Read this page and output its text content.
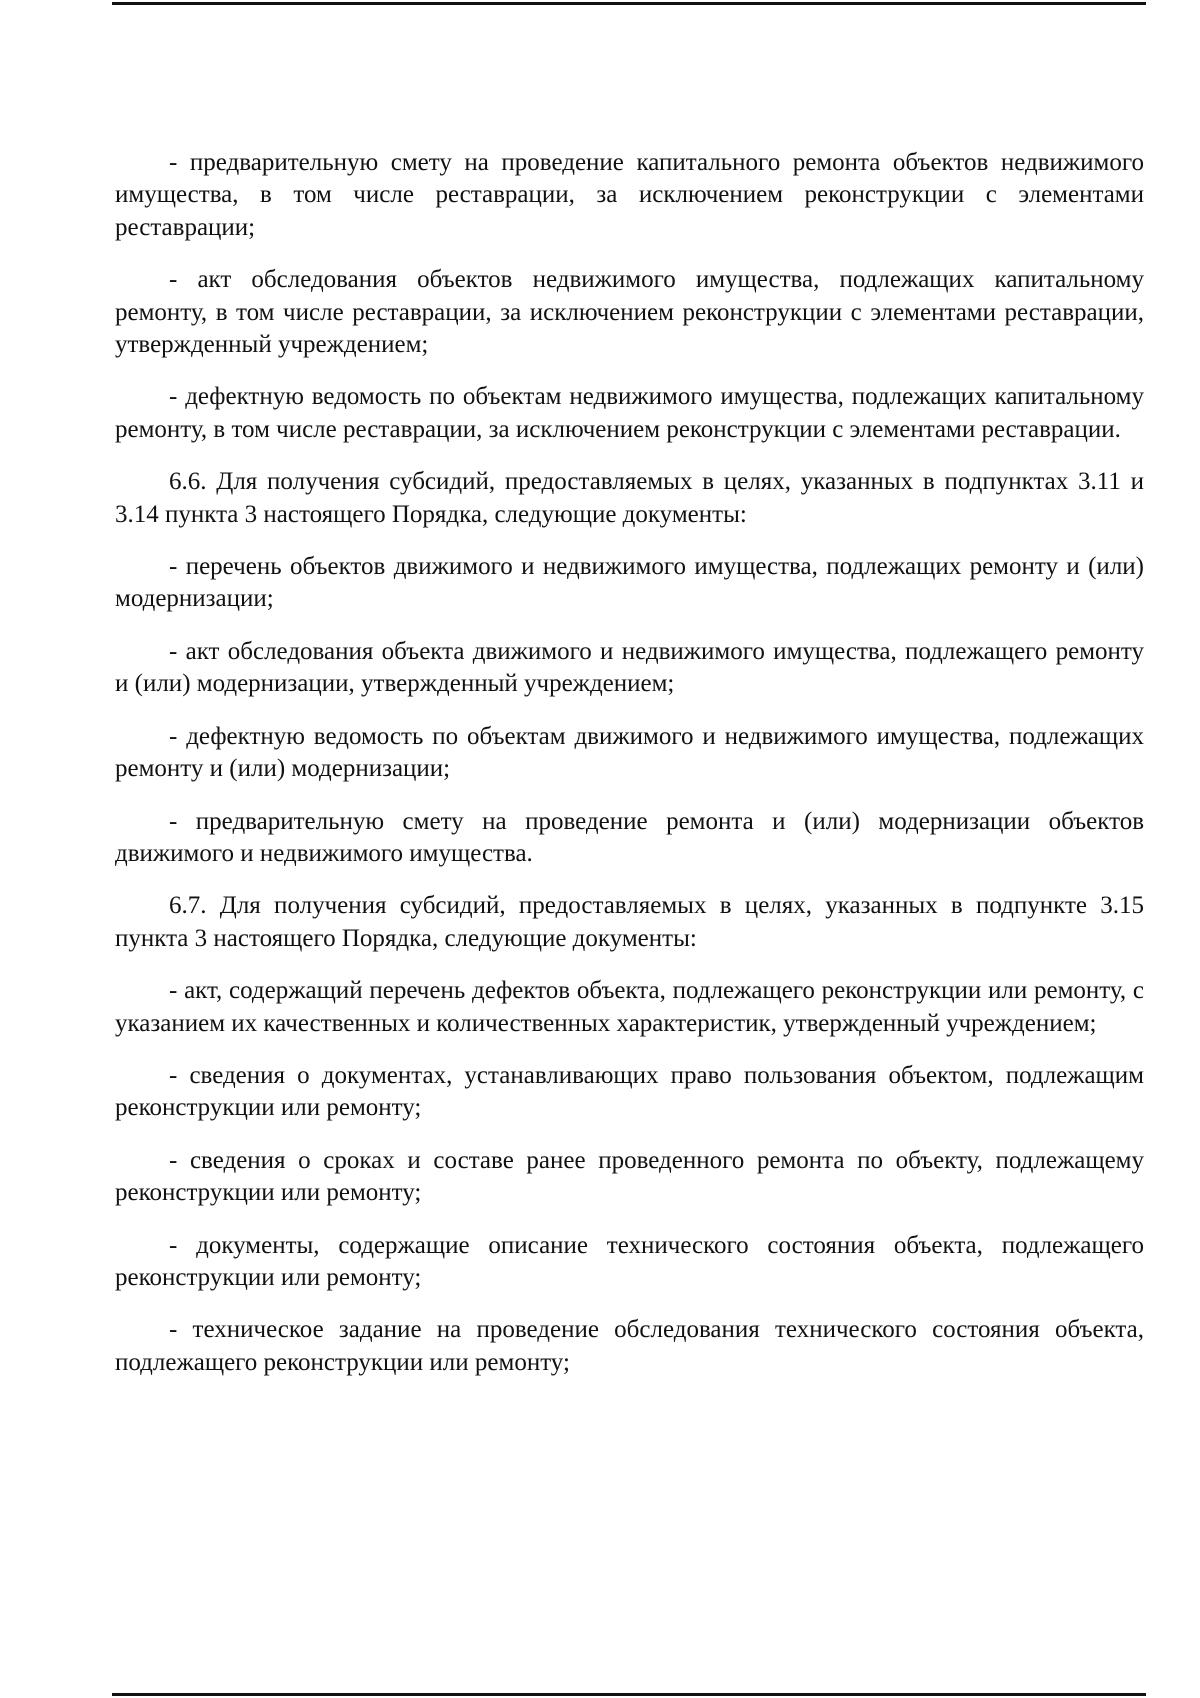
- предварительную смету на проведение капитального ремонта объектов недвижимого имущества, в том числе реставрации, за исключением реконструкции с элементами реставрации;

- акт обследования объектов недвижимого имущества, подлежащих капитальному ремонту, в том числе реставрации, за исключением реконструкции с элементами реставрации, утвержденный учреждением;

- дефектную ведомость по объектам недвижимого имущества, подлежащих капитальному ремонту, в том числе реставрации, за исключением реконструкции с элементами реставрации.

6.6. Для получения субсидий, предоставляемых в целях, указанных в подпунктах 3.11 и 3.14 пункта 3 настоящего Порядка, следующие документы:

- перечень объектов движимого и недвижимого имущества, подлежащих ремонту и (или) модернизации;

- акт обследования объекта движимого и недвижимого имущества, подлежащего ремонту и (или) модернизации, утвержденный учреждением;

- дефектную ведомость по объектам движимого и недвижимого имущества, подлежащих ремонту и (или) модернизации;

- предварительную смету на проведение ремонта и (или) модернизации объектов движимого и недвижимого имущества.

6.7. Для получения субсидий, предоставляемых в целях, указанных в подпункте 3.15 пункта 3 настоящего Порядка, следующие документы:

- акт, содержащий перечень дефектов объекта, подлежащего реконструкции или ремонту, с указанием их качественных и количественных характеристик, утвержденный учреждением;

- сведения о документах, устанавливающих право пользования объектом, подлежащим реконструкции или ремонту;

- сведения о сроках и составе ранее проведенного ремонта по объекту, подлежащему реконструкции или ремонту;

- документы, содержащие описание технического состояния объекта, подлежащего реконструкции или ремонту;

- техническое задание на проведение обследования технического состояния объекта, подлежащего реконструкции или ремонту;
